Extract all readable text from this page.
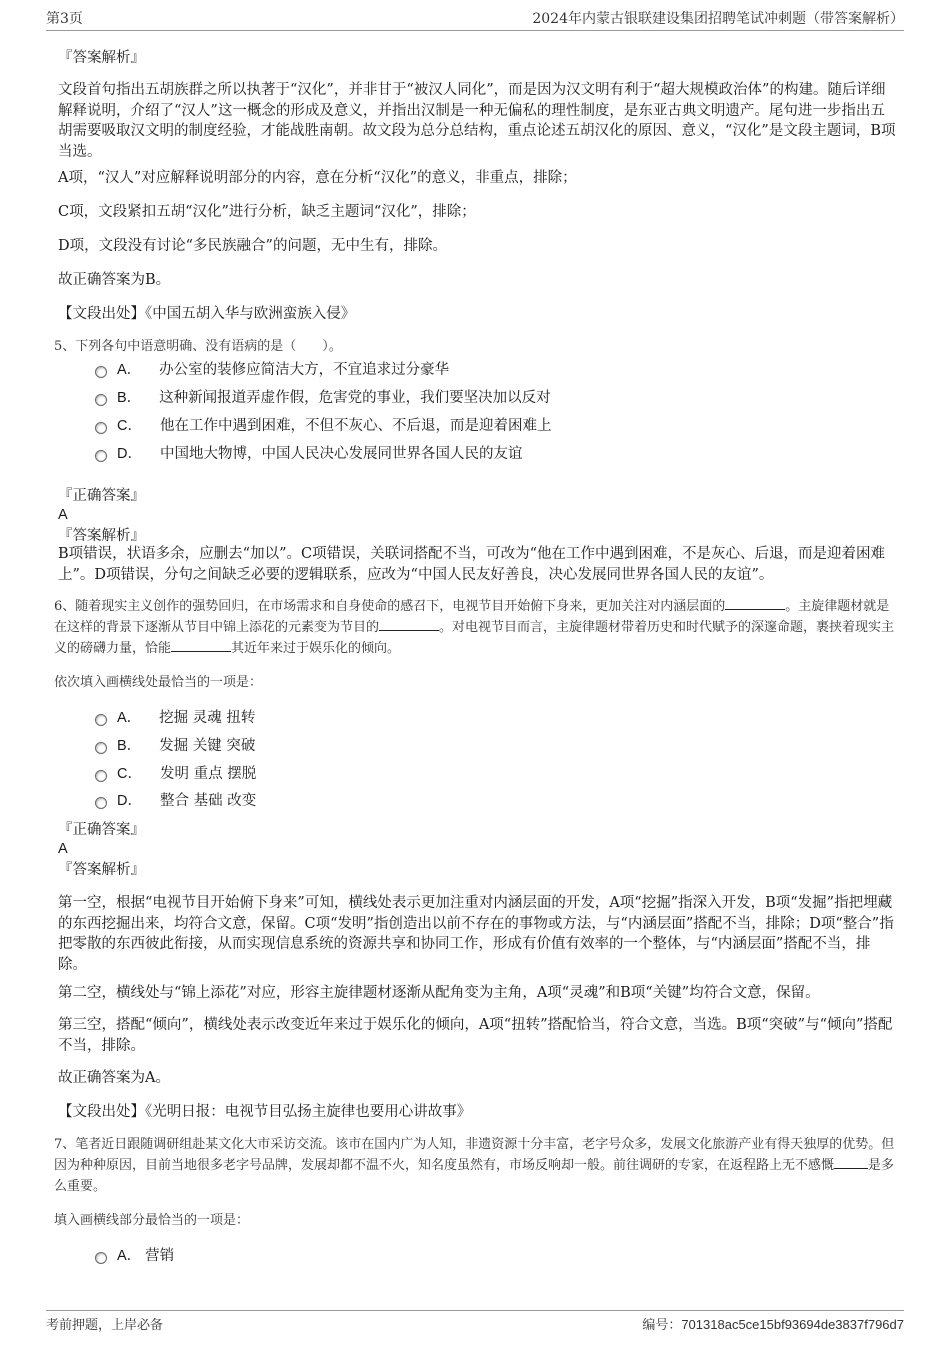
第3页	2024年内蒙古银联建设集团招聘笔试冲刺题（带答案解析）
『答案解析』
文段首句指出五胡族群之所以执著于“汉化”，并非甘于“被汉人同化”，而是因为汉文明有利于“超大规模政治体”的构建。随后详细解释说明，介绍了“汉人”这一概念的形成及意义，并指出汉制是一种无偏私的理性制度，是东亚古典文明遗产。尾句进一步指出五胡需要吸取汉文明的制度经验，才能战胜南朝。故文段为总分总结构，重点论述五胡汉化的原因、意义，“汉化”是文段主题词，B项当选。
A项，“汉人”对应解释说明部分的内容，意在分析“汉化”的意义，非重点，排除；
C项，文段紧扣五胡“汉化”进行分析，缺乏主题词“汉化”，排除；
D项，文段没有讨论“多民族融合”的问题，无中生有，排除。
故正确答案为B。
【文段出处】《中国五胡入华与欧洲蛮族入侵》
5、下列各句中语意明确、没有语病的是（　　）。
A． 办公室的装修应简洁大方，不宜追求过分豪华
B． 这种新闻报道弄虚作假，危害党的事业，我们要坚决加以反对
C． 他在工作中遇到困难，不但不灰心、不后退，而是迎着困难上
D． 中国地大物博，中国人民决心发展同世界各国人民的友谊
『正确答案』
A
『答案解析』
B项错误，状语多余，应删去“加以”。C项错误，关联词搭配不当，可改为“他在工作中遇到困难，不是灰心、后退，而是迎着困难上”。D项错误，分句之间缺乏必要的逻辑联系，应改为“中国人民友好善良，决心发展同世界各国人民的友谊”。
6、随着现实主义创作的强势回归，在市场需求和自身使命的感召下，电视节目开始俯下身来，更加关注对内涵层面的	。主旋律题材就是在这样的背景下逐渐从节目中锦上添花的元素变为节目的	。对电视节目而言，主旋律题材带着历史和时代赋予的深邃命题，裹挟着现实主义的磅礴力量，恰能	其近年来过于娱乐化的倾向。
依次填入画横线处最恰当的一项是：
A． 挖掘 灵魂 扭转
B． 发掘 关键 突破
C． 发明 重点 摆脱
D． 整合 基础 改变
『正确答案』
A
『答案解析』
第一空，根据“电视节目开始俯下身来”可知，横线处表示更加注重对内涵层面的开发，A项“挖掘”指深入开发，B项“发掘”指把埋藏的东西挖掘出来，均符合文意，保留。C项“发明”指创造出以前不存在的事物或方法，与“内涵层面”搭配不当，排除；D项“整合”指把零散的东西彼此衔接，从而实现信息系统的资源共享和协同工作，形成有价值有效率的一个整体，与“内涵层面”搭配不当，排除。
第二空，横线处与“锦上添花”对应，形容主旋律题材逐渐从配角变为主角，A项“灵魂”和B项“关键”均符合文意，保留。
第三空，搭配“倾向”，横线处表示改变近年来过于娱乐化的倾向，A项“扭转”搭配恰当，符合文意，当选。B项“突破”与“倾向”搭配不当，排除。
故正确答案为A。
【文段出处】《光明日报：电视节目弘扬主旋律也要用心讲故事》
7、笔者近日跟随调研组赴某文化大市采访交流。该市在国内广为人知，非遗资源十分丰富，老字号众多，发展文化旅游产业有得天独厚的优势。但因为种种原因，目前当地很多老字号品牌，发展却都不温不火，知名度虽然有，市场反响却一般。前往调研的专家，在返程路上无不感慨	是多么重要。
填入画横线部分最恰当的一项是：
A． 营销
考前押题，上岸必备	编号：701318ac5ce15bf93694de3837f796d7
